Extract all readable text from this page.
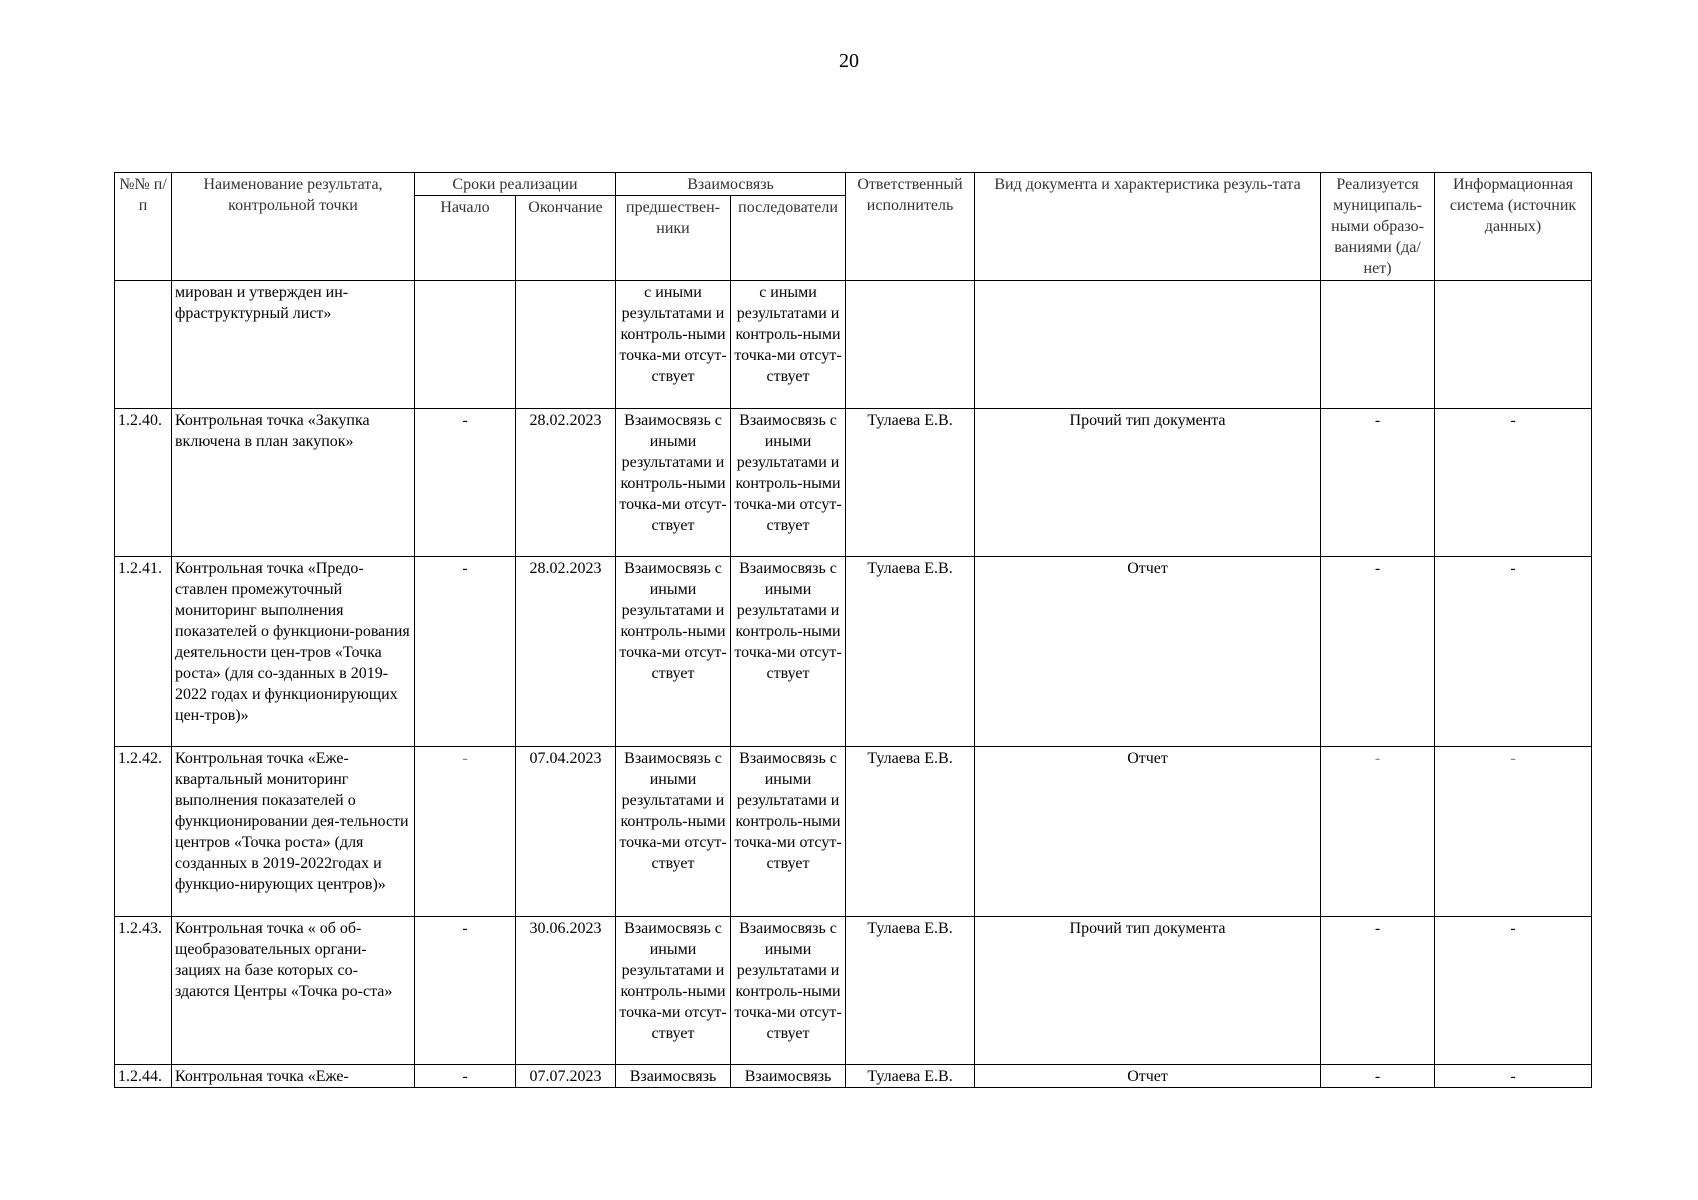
20
№№ п/п	Наименование результата, контрольной точки	Сроки реализации		Взаимосвязь		Ответственный исполнитель	Вид документа и характеристика резуль-тата	Реализуется муниципаль-ными образо-ваниями (да/нет)	Информационная система (источник данных)
		Начало	Окончание	предшествен-ники	последователи				
	мирован и утвержден ин-фраструктурный лист»			с иными результатами и контроль-ными точка-ми отсут-ствует	с иными результатами и контроль-ными точка-ми отсут-ствует				
1.2.40.	Контрольная точка «Закупка включена в план закупок»	-	28.02.2023	Взаимосвязь с иными результатами и контроль-ными точка-ми отсут-ствует	Взаимосвязь с иными результатами и контроль-ными точка-ми отсут-ствует	Тулаева Е.В.	Прочий тип документа	-	-
1.2.41.	Контрольная точка «Предо-ставлен промежуточный мониторинг выполнения показателей о функциони-рования деятельности цен-тров «Точка роста» (для со-зданных в 2019- 2022 годах и функционирующих цен-тров)»	-	28.02.2023	Взаимосвязь с иными результатами и контроль-ными точка-ми отсут-ствует	Взаимосвязь с иными результатами и контроль-ными точка-ми отсут-ствует	Тулаева Е.В.	Отчет	-	-
1.2.42.	Контрольная точка «Еже-квартальный мониторинг выполнения показателей о функционировании дея-тельности центров «Точка роста» (для созданных в 2019-2022годах и функцио-нирующих центров)»	-	07.04.2023	Взаимосвязь с иными результатами и контроль-ными точка-ми отсут-ствует	Взаимосвязь с иными результатами и контроль-ными точка-ми отсут-ствует	Тулаева Е.В.	Отчет	-	-
1.2.43.	Контрольная точка « об об-щеобразовательных органи-зациях на базе которых со-здаются Центры «Точка ро-ста»	-	30.06.2023	Взаимосвязь с иными результатами и контроль-ными точка-ми отсут-ствует	Взаимосвязь с иными результатами и контроль-ными точка-ми отсут-ствует	Тулаева Е.В.	Прочий тип документа	-	-
1.2.44.	Контрольная точка «Еже-	-	07.07.2023	Взаимосвязь	Взаимосвязь	Тулаева Е.В.	Отчет	-	-
